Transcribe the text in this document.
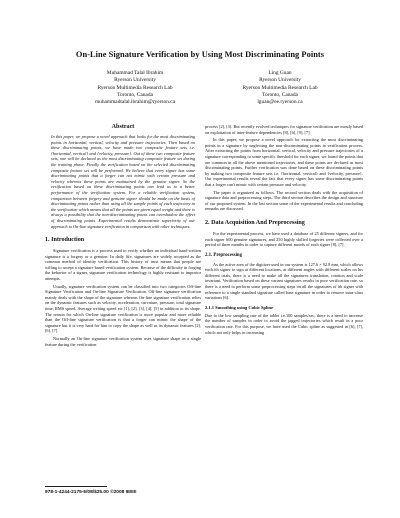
On-Line Signature Verification by Using Most Discriminating Points
Muhammad Talal Ibrahim
Ryerson University
Ryerson Multimedia Research Lab
Toronto, Canada
muhammadtalal.ibrahim@ryerson.ca
Ling Guan
Ryerson University
Ryerson Multimedia Research Lab
Toronto, Canada
lguan@ee.ryerson.ca
Abstract
In this paper, we propose a novel approach that looks for the most discriminating points in horizontal, vertical, velocity and pressure trajectories. Then based on these discriminating points, we have made two composite feature sets i.e. {horizontal, vertical} and {velocity, pressure}. Out of these two composite feature sets, one will be declared as the most discriminating composite feature set during the training phase. Finally the verification based on the selected discriminating composite feature set will be performed. We believe that every signer has some discriminating points that a forger can not mimic with certain pressure and velocity whereas these points are maintained by the genuine signer. So the verification based on these discriminating points can lead us to a better performance of the verification system. For a reliable verification system, comparison between forgery and genuine signer should be made on the basis of discriminating points rather than using all the sample points of each trajectory in the verification which means that all the points are given equal weight and there is always a possibility that the non-discriminating points can overshadow the effect of discriminating points. Experimental results demonstrate superiority of our approach to On-line signature verification in comparison with other techniques.
1. Introduction

Signature verification is a process used to verify whether an individual hand-written signature is a forgery or a genuine. In daily life, signatures are widely accepted as the common method of identity verification. This history of trust means that people are willing to accept a signature based verification system. Because of the difficulty in forging the behavior of a signer, signature verification technology is highly resistant to impostor attempts.

Usually, signature verification system can be classified into two categories Off-line Signature Verification and On-line Signature Verification. Off-line signature verification mainly deals with the shape of the signature whereas On-line signature verification relies on the dynamic features such as velocity, acceleration, curvature, pressure, total signature time, RMS speed, Average writing speed etc [1], [2], [3], [4], [5] in addition to its shape. The reason for which On-line signature verification is more popular and more reliable than the Off-line signature verification is that a forger can mimic the shape of the signature but it is very hard for him to copy the shape as well as its dynamic features [2], [6], [7].

Normally an On-line signature verification system uses signature shape as a single feature during the verification

process [2], [3]. But recently evolved techniques for signature verification are mostly based on exploitation of inter-feature dependencies [8], [6], [9], [7].

In this paper, we propose a novel approach for extracting the most discriminating points in a signature by neglecting the non-discriminating points in verification process. After extracting the points from horizontal, vertical, velocity and pressure trajectories of a signature corresponding to some specific threshold for each signer, we found the points that are common in all the above mentioned trajectories, and these points are declared as most discriminating points. Further verification was done based on these discriminating points by making two composite feature sets i.e. {horizontal, vertical} and {velocity, pressure}. Our experimental results reveal the fact that every signer has some discriminating points that a forger can't mimic with certain pressure and velocity.

The paper is organized as follows. The second section deals with the acquisition of signature data and preprocessing steps. The third section describes the design and structure of our proposed system. In the last section some of the experimental results and concluding remarks are discussed.

2. Data Acquisition And Preprocessing

For the experimental process, we have used a database of 25 different signers, and for each signer 600 genuine signatures, and 250 highly skilled forgeries were collected over a period of three months in order to capture different moods of each signer [8], [7].

2.1. Preprocessing

As the active area of the digitizer used in our system is 127.6 × 92.8 mm, which allows each ith signer to sign at different locations, at different angles with different scales on his different trials, there is a need to make all the signatures translation, rotation and scale invariant. Verification based on these variant signatures results in poor verification rate, so there is a need to perform some preprocessing steps on all the signatures of ith signer with reference to a single standard signature called base signature in order to remove intra-class variations [6].

2.1.1 Smoothing using Cubic Spline

Due to the low sampling rate of the tablet i.e.100 samples/sec, there is a need to increase the number of samples in order to avoid the jagged trajectories which result in a poor verification rate. For this purpose, we have used the Cubic spline as suggested in [6], [7], which not only helps in increasing

978-1-4244-2175-6/08/$25.00 ©2008 IEEE
